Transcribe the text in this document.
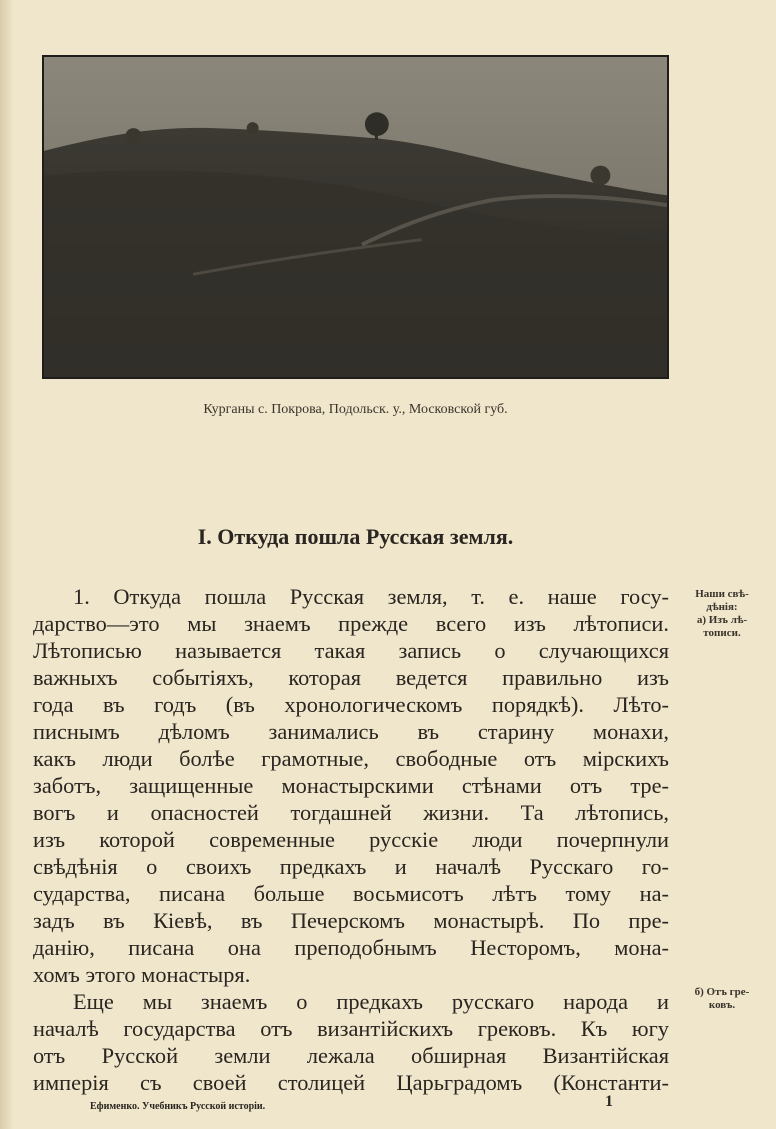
Курганы с. Покрова, Подольск. у., Московской губ.
I. Откуда пошла Русская земля.
1. Откуда пошла Русская земля, т. е. наше госу-
дарство—это мы знаемъ прежде всего изъ лѣтописи.
Лѣтописью называется такая запись о случающихся
важныхъ событіяхъ, которая ведется правильно изъ
года въ годъ (въ хронологическомъ порядкѣ). Лѣто-
писнымъ дѣломъ занимались въ старину монахи,
какъ люди болѣе грамотные, свободные отъ мірскихъ
заботъ, защищенные монастырскими стѣнами отъ тре-
вогъ и опасностей тогдашней жизни. Та лѣтопись,
изъ которой современные русскіе люди почерпнули
свѣдѣнія о своихъ предкахъ и началѣ Русскаго го-
сударства, писана больше восьмисотъ лѣтъ тому на-
задъ въ Кіевѣ, въ Печерскомъ монастырѣ. По пре-
данію, писана она преподобнымъ Несторомъ, мона-
хомъ этого монастыря.
Еще мы знаемъ о предкахъ русскаго народа и
началѣ государства отъ византійскихъ грековъ. Къ югу
отъ Русской земли лежала обширная Византійская
имперія съ своей столицей Царьградомъ (Константи-
Наши свѣ-
дѣнія:
а) Изъ лѣ-
тописи.
б) Отъ гре-
ковъ.
Ефименко. Учебникъ Русской исторіи.	1
